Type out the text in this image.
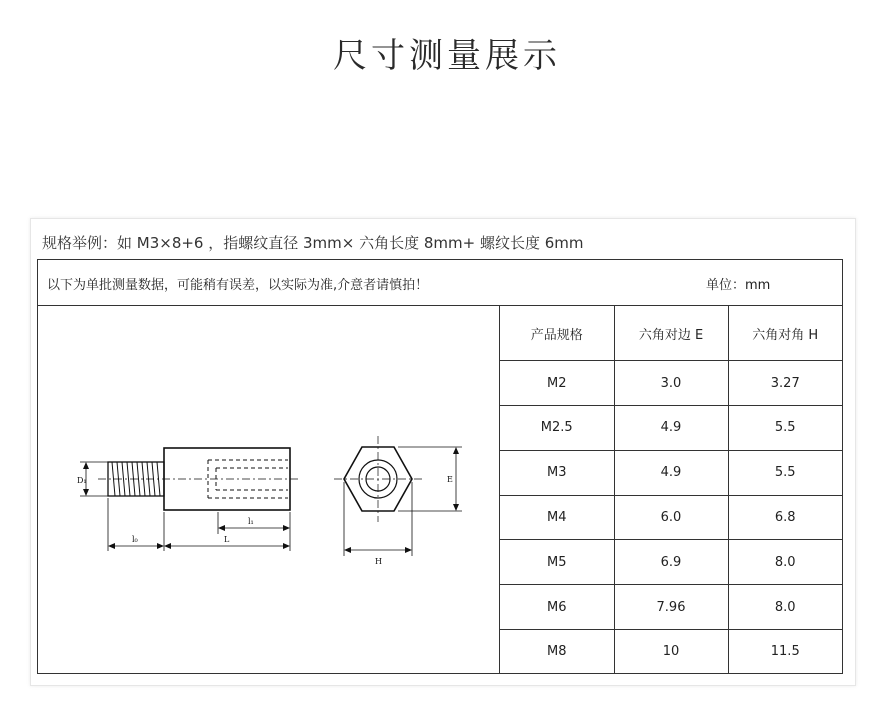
尺寸测量展示
规格举例：如 M3×8+6 ，指螺纹直径 3mm× 六角长度 8mm+ 螺纹长度 6mm
以下为单批测量数据，可能稍有误差，以实际为准,介意者请慎拍！	单位：mm
D₁
l₀	L
l₁
E
H
产品规格	六角对边 E	六角对角 H
M2	3.0	3.27
M2.5	4.9	5.5
M3	4.9	5.5
M4	6.0	6.8
M5	6.9	8.0
M6	7.96	8.0
M8	10	11.5
